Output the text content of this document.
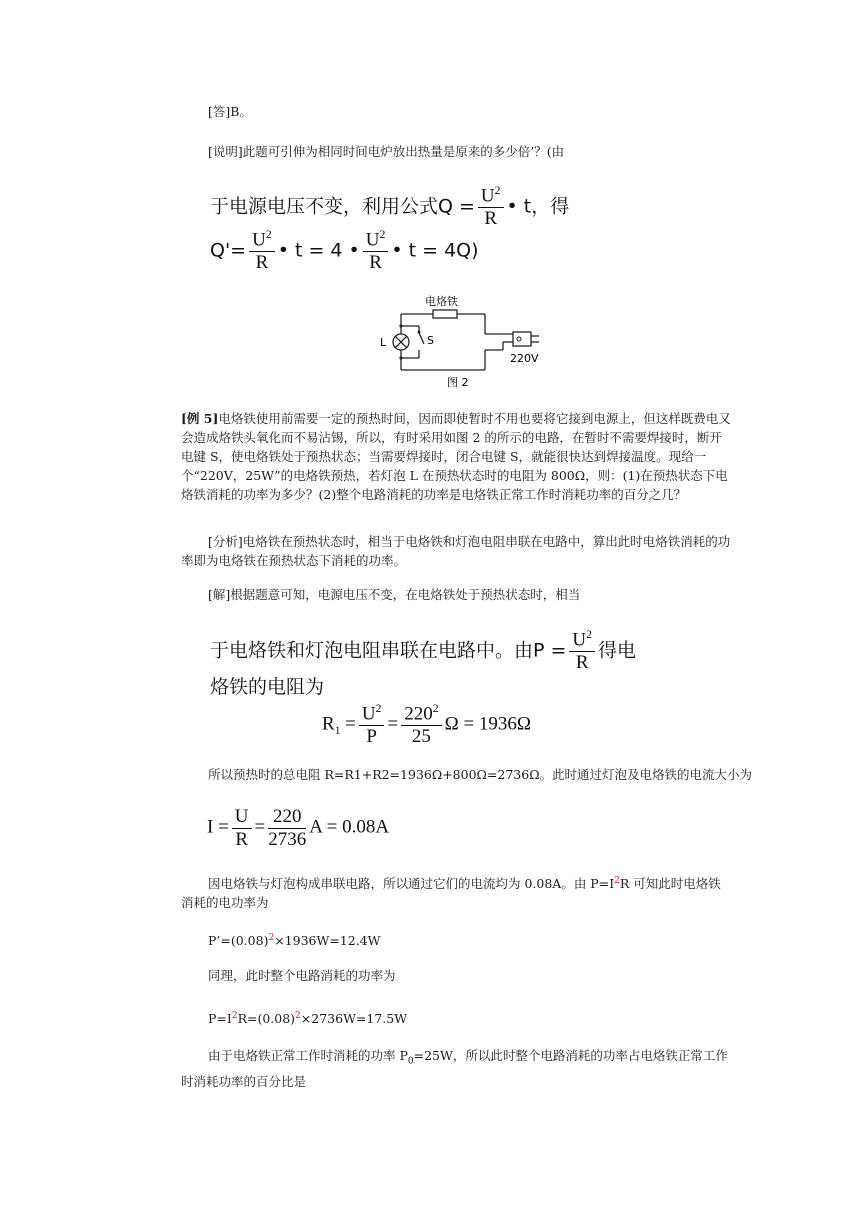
[答]B。
[说明]此题可引伸为相同时间电炉放出热量是原来的多少倍’？(由
于电源电压不变，利用公式$Q = \frac{U^2}{R}$ • t，得
$Q'= \frac{U^2}{R}$ • t = 4 • $\frac{U^2}{R}$ • t = 4Q)
电烙铁
L	S
220V
图 2
[例 5]电烙铁使用前需要一定的预热时间，因而即使暂时不用也要将它接到电源上，但这样既费电又会造成烙铁头氧化而不易沾锡，所以，有时采用如图 2 的所示的电路，在暂时不需要焊接时，断开电键 S，使电烙铁处于预热状态；当需要焊接时，闭合电键 S，就能很快达到焊接温度。现给一个“220V，25W”的电烙铁预热，若灯泡 L 在预热状态时的电阻为 800Ω，则：(1)在预热状态下电烙铁消耗的功率为多少？(2)整个电路消耗的功率是电烙铁正常工作时消耗功率的百分之几？
[分析]电烙铁在预热状态时，相当于电烙铁和灯泡电阻串联在电路中，算出此时电烙铁消耗的功率即为电烙铁在预热状态下消耗的功率。
[解]根据题意可知，电源电压不变，在电烙铁处于预热状态时，相当
于电烙铁和灯泡电阻串联在电路中。由$P = \frac{U^2}{R}$ 得电
烙铁的电阻为
$R_1 = \frac{U^2}{P} = \frac{220^2}{25}$ Ω = 1936Ω
所以预热时的总电阻 R=R1+R2=1936Ω+800Ω=2736Ω。此时通过灯泡及电烙铁的电流大小为
$I = \frac{U}{R} = \frac{220}{2736}$ A = 0.08A
因电烙铁与灯泡构成串联电路，所以通过它们的电流均为 0.08A。由 $P=I^2R$ 可知此时电烙铁消耗的电功率为
$P’=(0.08)^2\times 1936W=12.4W$
同理，此时整个电路消耗的功率为
$P=I^2R=(0.08)^2\times 2736W=17.5W$
由于电烙铁正常工作时消耗的功率 $P_0=25W$，所以此时整个电路消耗的功率占电烙铁正常工作时消耗功率的百分比是
